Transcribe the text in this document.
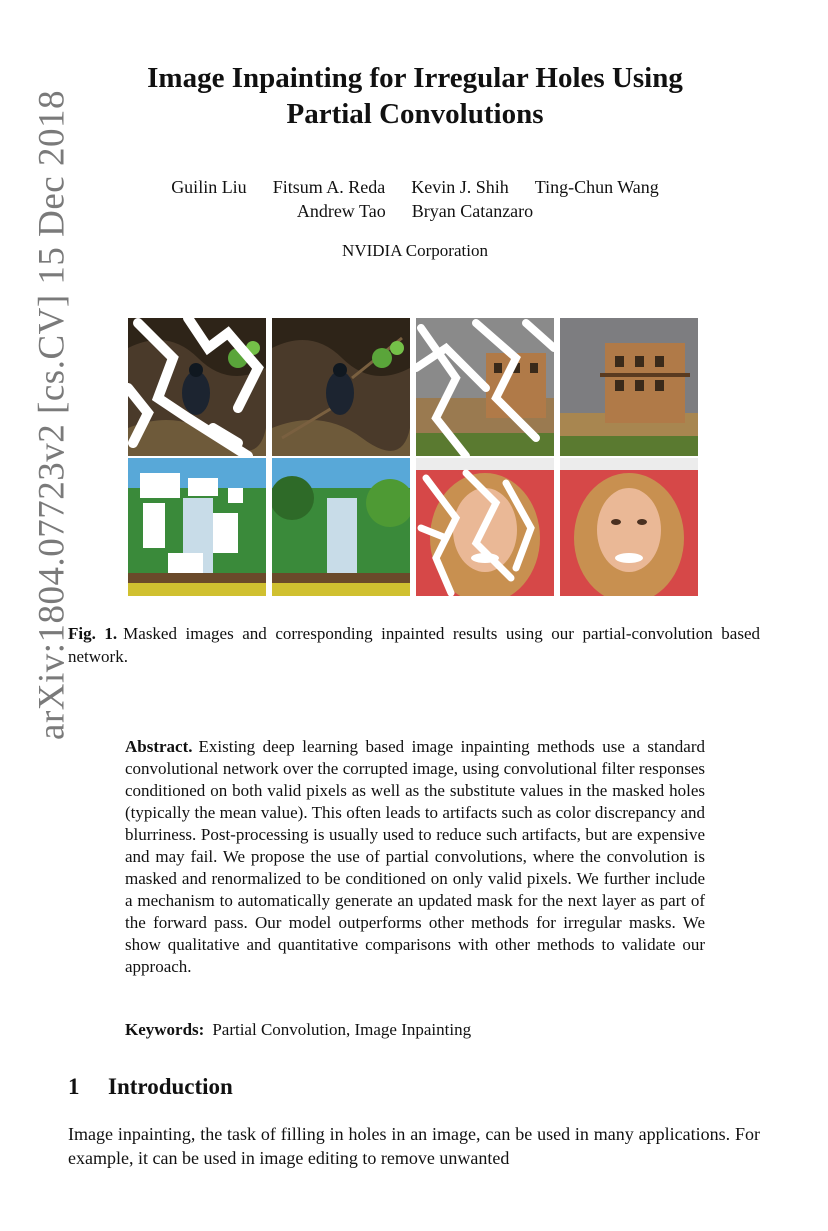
arXiv:1804.07723v2 [cs.CV] 15 Dec 2018
Image Inpainting for Irregular Holes Using
Partial Convolutions
Guilin Liu Fitsum A. Reda Kevin J. Shih Ting-Chun Wang
Andrew Tao Bryan Catanzaro
NVIDIA Corporation

Fig. 1. Masked images and corresponding inpainted results using our partial-convolution based network.

Abstract. Existing deep learning based image inpainting methods use a standard convolutional network over the corrupted image, using convolutional filter responses conditioned on both valid pixels as well as the substitute values in the masked holes (typically the mean value). This often leads to artifacts such as color discrepancy and blurriness. Post-processing is usually used to reduce such artifacts, but are expensive and may fail. We propose the use of partial convolutions, where the convolution is masked and renormalized to be conditioned on only valid pixels. We further include a mechanism to automatically generate an updated mask for the next layer as part of the forward pass. Our model outperforms other methods for irregular masks. We show qualitative and quantitative comparisons with other methods to validate our approach.

Keywords: Partial Convolution, Image Inpainting
1 Introduction

Image inpainting, the task of filling in holes in an image, can be used in many applications. For example, it can be used in image editing to remove unwanted
